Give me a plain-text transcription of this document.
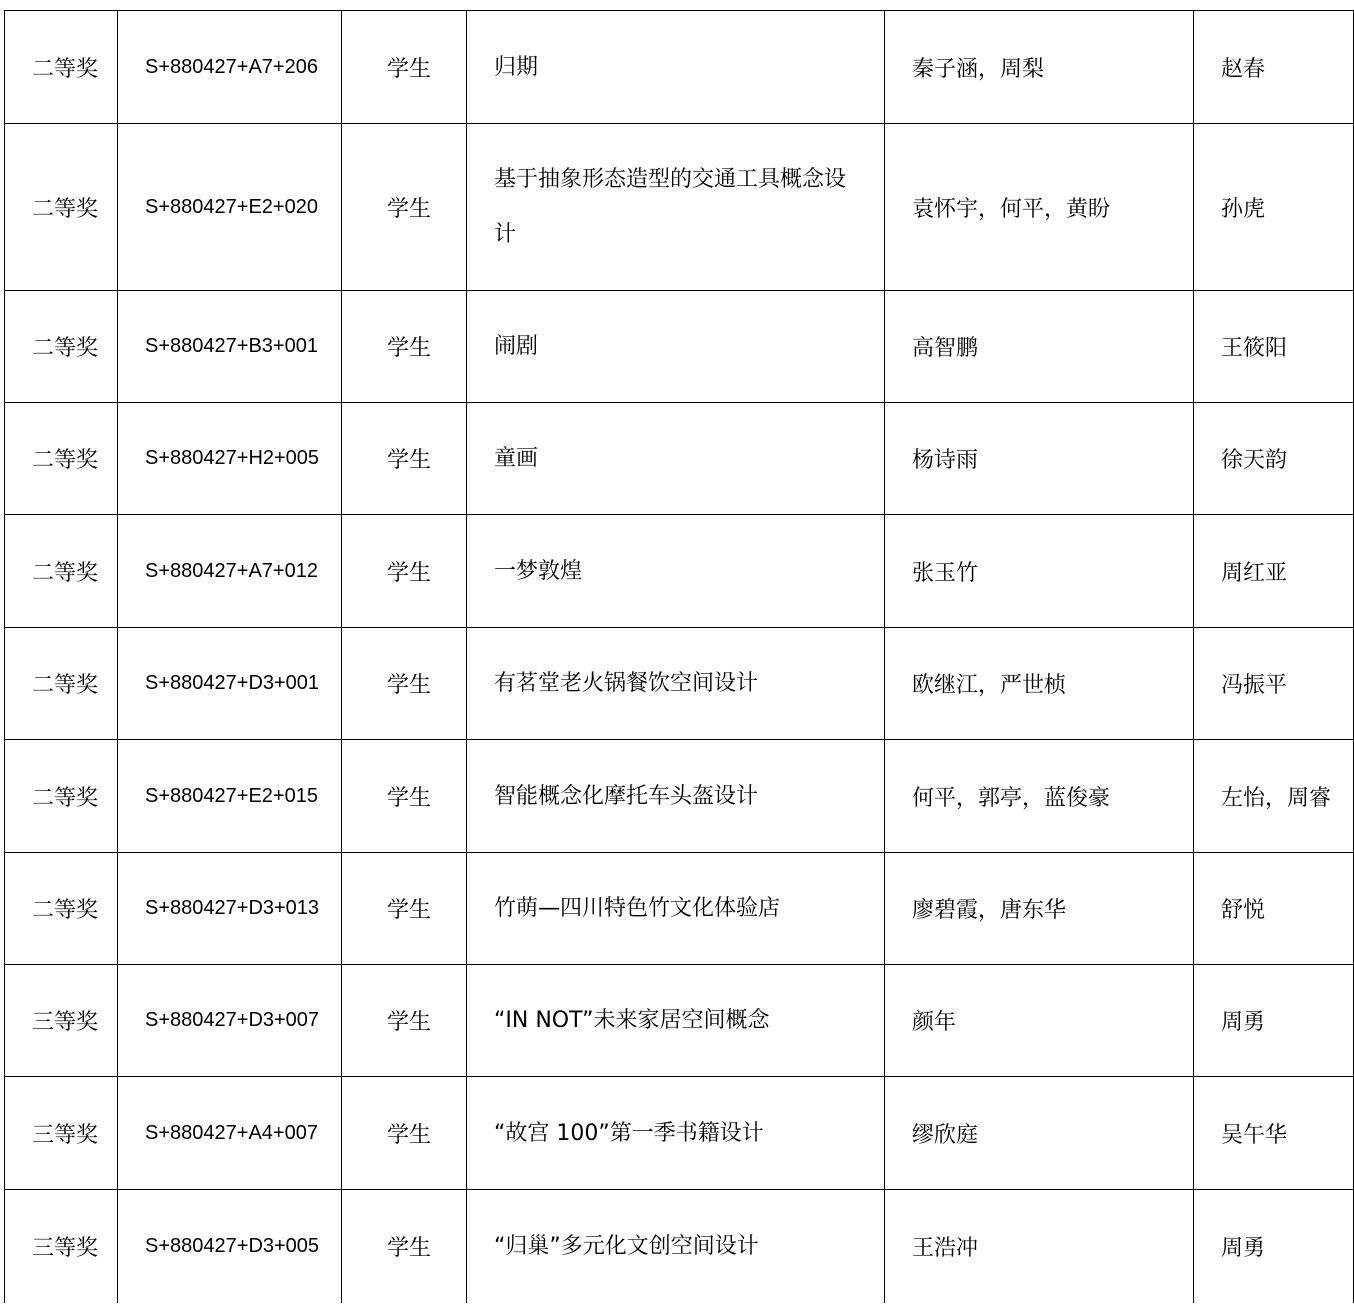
二等奖	S+880427+A7+206	学生	归期	秦子涵，周梨	赵春
二等奖	S+880427+E2+020	学生	基于抽象形态造型的交通工具概念设计	袁怀宇，何平，黄盼	孙虎
二等奖	S+880427+B3+001	学生	闹剧	高智鹏	王筱阳
二等奖	S+880427+H2+005	学生	童画	杨诗雨	徐天韵
二等奖	S+880427+A7+012	学生	一梦敦煌	张玉竹	周红亚
二等奖	S+880427+D3+001	学生	有茗堂老火锅餐饮空间设计	欧继江，严世桢	冯振平
二等奖	S+880427+E2+015	学生	智能概念化摩托车头盔设计	何平，郭亭，蓝俊豪	左怡，周睿
二等奖	S+880427+D3+013	学生	竹萌—四川特色竹文化体验店	廖碧霞，唐东华	舒悦
三等奖	S+880427+D3+007	学生	“IN NOT”未来家居空间概念	颜年	周勇
三等奖	S+880427+A4+007	学生	“故宫 100”第一季书籍设计	缪欣庭	吴午华
三等奖	S+880427+D3+005	学生	“归巢”多元化文创空间设计	王浩冲	周勇
